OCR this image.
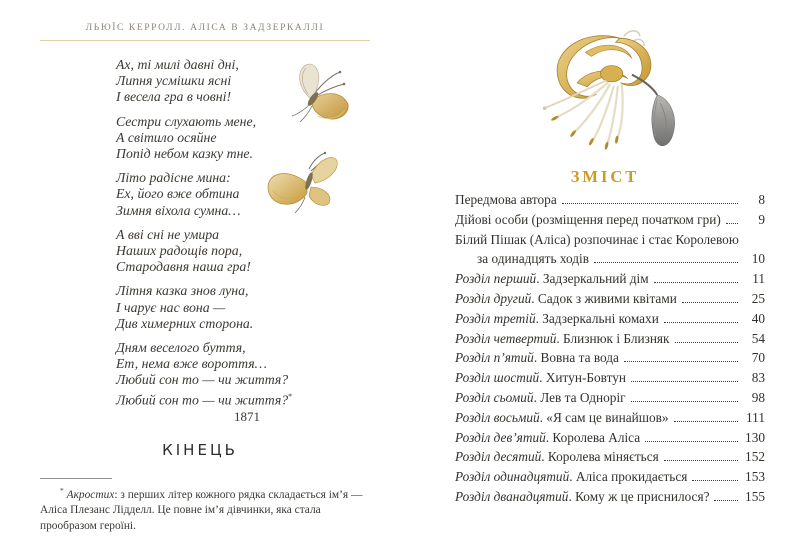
ЛЬЮЇС КЕРРОЛЛ. АЛІСА В ЗАДЗЕРКАЛЛІ
Ах, ті милі давні дні,
Липня усмішки ясні
І весела гра в човні!
Сестри слухають мене,
А світило осяйне
Попід небом казку тне.
Літо радісне мина:
Ех, його вже обтина
Зимня віхола сумна…
А вві сні не умира
Наших радощів пора,
Стародавня наша гра!
Літня казка знов луна,
І чарує нас вона —
Див химерних сторона.
Дням веселого буття,
Ет, нема вже вороття…
Любий сон то — чи життя?
Любий сон то — чи життя?*
1871
КІНЕЦЬ

* Акростих: з перших літер кожного рядка складається ім’я — Аліса Плезанс Лідделл. Це повне ім’я дівчинки, яка стала прообразом героїні.

ЗМІСТ
Передмова автора	8
Дійові особи (розміщення перед початком гри)	9
Білий Пішак (Аліса) розпочинає і стає Королевою
за одинадцять ходів	10
Розділ перший. Задзеркальний дім	11
Розділ другий. Садок з живими квітами	25
Розділ третій. Задзеркальні комахи	40
Розділ четвертий. Близнюк і Близняк	54
Розділ п’ятий. Вовна та вода	70
Розділ шостий. Хитун-Бовтун	83
Розділ сьомий. Лев та Одноріг	98
Розділ восьмий. «Я сам це винайшов»	111
Розділ дев’ятий. Королева Аліса	130
Розділ десятий. Королева міняється	152
Розділ одинадцятий. Аліса прокидається	153
Розділ дванадцятий. Кому ж це приснилося?	155
